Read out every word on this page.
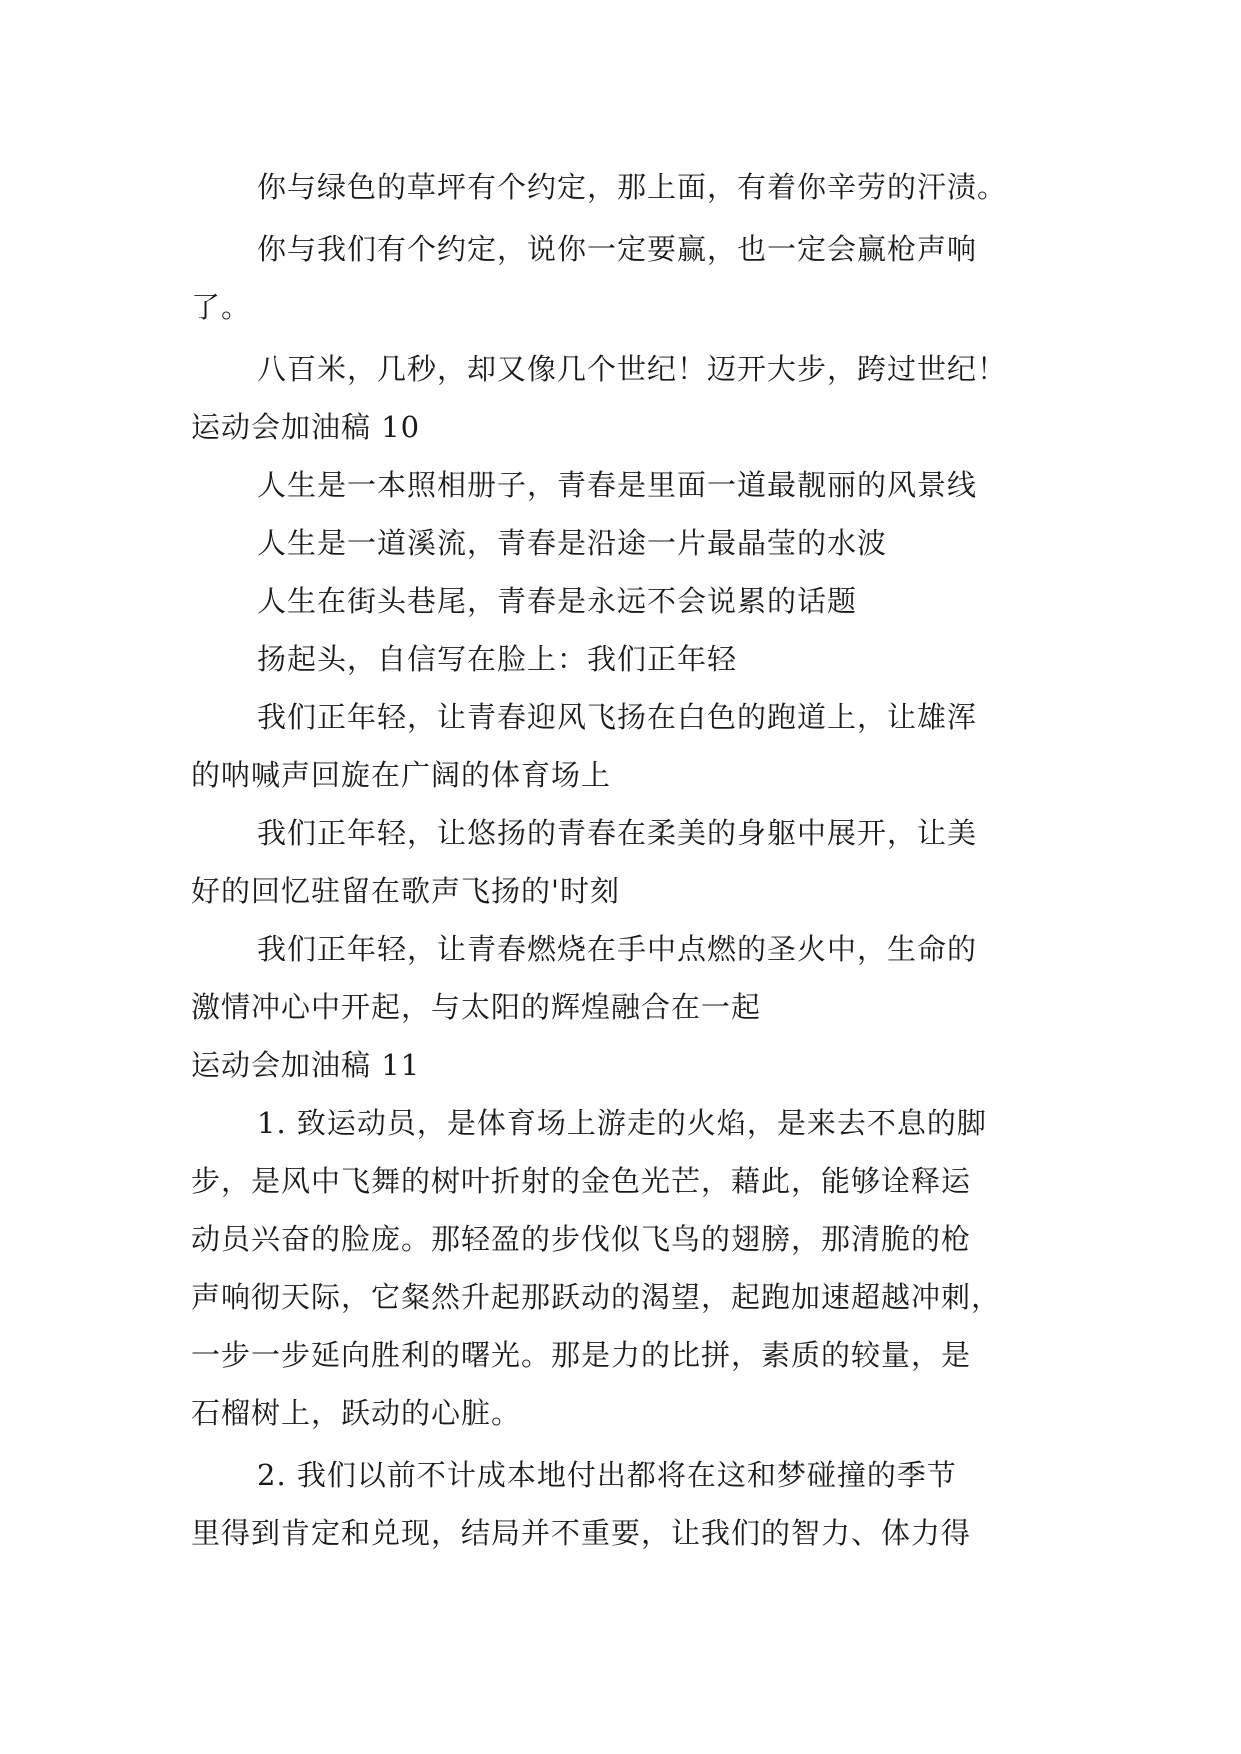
你与绿色的草坪有个约定，那上面，有着你辛劳的汗渍。
你与我们有个约定，说你一定要赢，也一定会赢枪声响
了。
八百米，几秒，却又像几个世纪！迈开大步，跨过世纪！
运动会加油稿 10
人生是一本照相册子，青春是里面一道最靓丽的风景线
人生是一道溪流，青春是沿途一片最晶莹的水波
人生在街头巷尾，青春是永远不会说累的话题
扬起头，自信写在脸上：我们正年轻
我们正年轻，让青春迎风飞扬在白色的跑道上，让雄浑
的呐喊声回旋在广阔的体育场上
我们正年轻，让悠扬的青春在柔美的身躯中展开，让美
好的回忆驻留在歌声飞扬的'时刻
我们正年轻，让青春燃烧在手中点燃的圣火中，生命的
激情冲心中开起，与太阳的辉煌融合在一起
运动会加油稿 11
1. 致运动员，是体育场上游走的火焰，是来去不息的脚
步，是风中飞舞的树叶折射的金色光芒，藉此，能够诠释运
动员兴奋的脸庞。那轻盈的步伐似飞鸟的翅膀，那清脆的枪
声响彻天际，它粲然升起那跃动的渴望，起跑加速超越冲刺，
一步一步延向胜利的曙光。那是力的比拼，素质的较量，是
石榴树上，跃动的心脏。
2. 我们以前不计成本地付出都将在这和梦碰撞的季节
里得到肯定和兑现，结局并不重要，让我们的智力、体力得
